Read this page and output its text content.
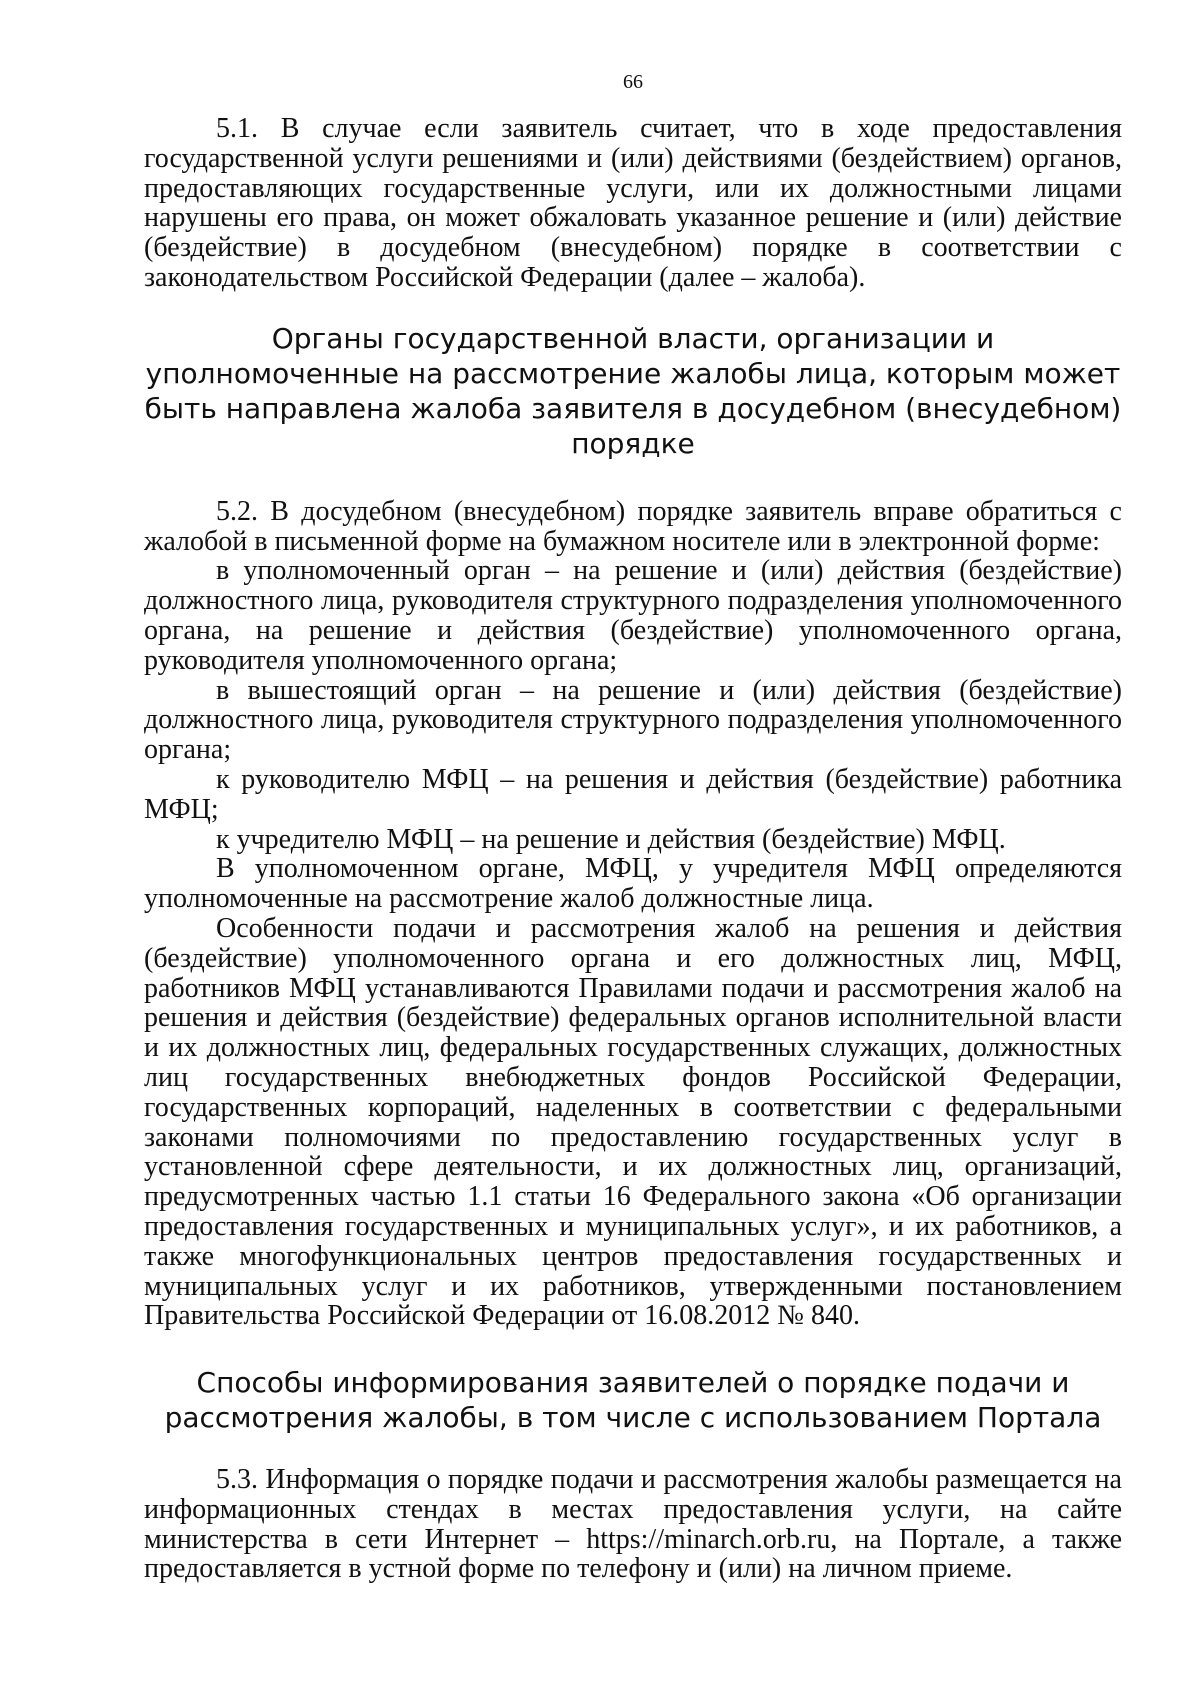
66

5.1. В случае если заявитель считает, что в ходе предоставления государственной услуги решениями и (или) действиями (бездействием) органов, предоставляющих государственные услуги, или их должностными лицами нарушены его права, он может обжаловать указанное решение и (или) действие (бездействие) в досудебном (внесудебном) порядке в соответствии с законодательством Российской Федерации (далее – жалоба).

Органы государственной власти, организации и уполномоченные на рассмотрение жалобы лица, которым может быть направлена жалоба заявителя в досудебном (внесудебном) порядке

5.2. В досудебном (внесудебном) порядке заявитель вправе обратиться с жалобой в письменной форме на бумажном носителе или в электронной форме:

в уполномоченный орган – на решение и (или) действия (бездействие) должностного лица, руководителя структурного подразделения уполномоченного органа, на решение и действия (бездействие) уполномоченного органа, руководителя уполномоченного органа;

в вышестоящий орган – на решение и (или) действия (бездействие) должностного лица, руководителя структурного подразделения уполномоченного органа;

к руководителю МФЦ – на решения и действия (бездействие) работника МФЦ;

к учредителю МФЦ – на решение и действия (бездействие) МФЦ.

В уполномоченном органе, МФЦ, у учредителя МФЦ определяются уполномоченные на рассмотрение жалоб должностные лица.

Особенности подачи и рассмотрения жалоб на решения и действия (бездействие) уполномоченного органа и его должностных лиц, МФЦ, работников МФЦ устанавливаются Правилами подачи и рассмотрения жалоб на решения и действия (бездействие) федеральных органов исполнительной власти и их должностных лиц, федеральных государственных служащих, должностных лиц государственных внебюджетных фондов Российской Федерации, государственных корпораций, наделенных в соответствии с федеральными законами полномочиями по предоставлению государственных услуг в установленной сфере деятельности, и их должностных лиц, организаций, предусмотренных частью 1.1 статьи 16 Федерального закона «Об организации предоставления государственных и муниципальных услуг», и их работников, а также многофункциональных центров предоставления государственных и муниципальных услуг и их работников, утвержденными постановлением Правительства Российской Федерации от 16.08.2012 № 840.

Способы информирования заявителей о порядке подачи и рассмотрения жалобы, в том числе с использованием Портала

5.3. Информация о порядке подачи и рассмотрения жалобы размещается на информационных стендах в местах предоставления услуги, на сайте министерства в сети Интернет – https://minarch.orb.ru, на Портале, а также предоставляется в устной форме по телефону и (или) на личном приеме.
